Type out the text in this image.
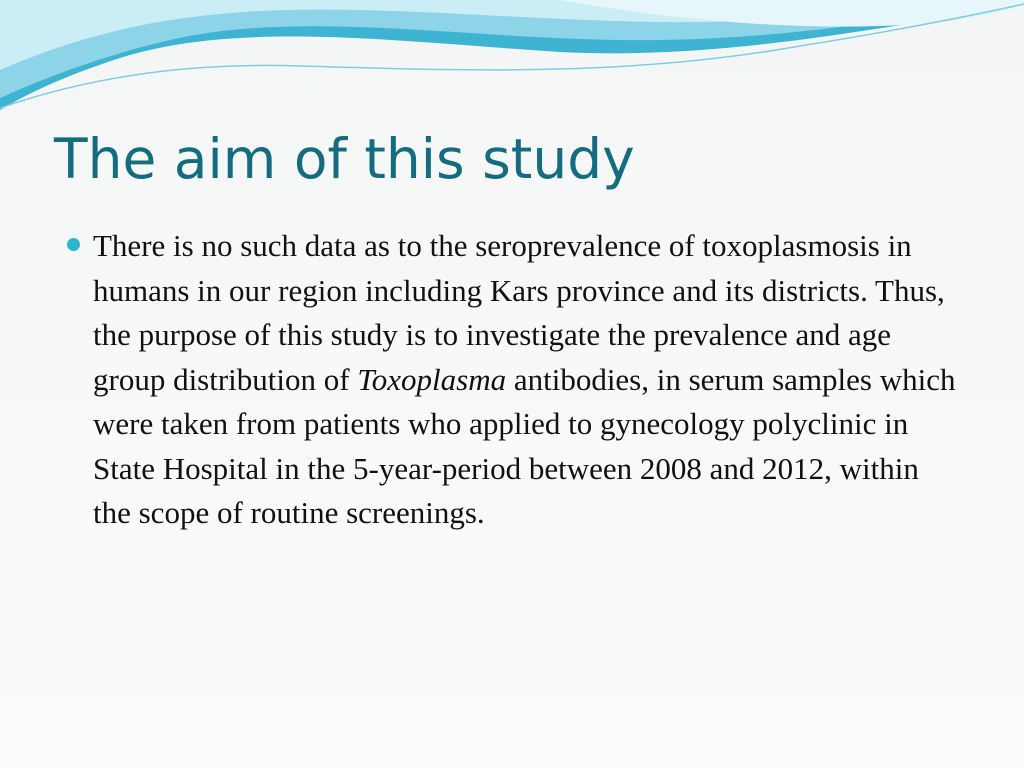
The aim of this study
There is no such data as to the seroprevalence of toxoplasmosis in humans in our region including Kars province and its districts. Thus, the purpose of this study is to investigate the prevalence and age group distribution of Toxoplasma antibodies, in serum samples which were taken from patients who applied to gynecology polyclinic in State Hospital in the 5-year-period between 2008 and 2012, within the scope of routine screenings.
